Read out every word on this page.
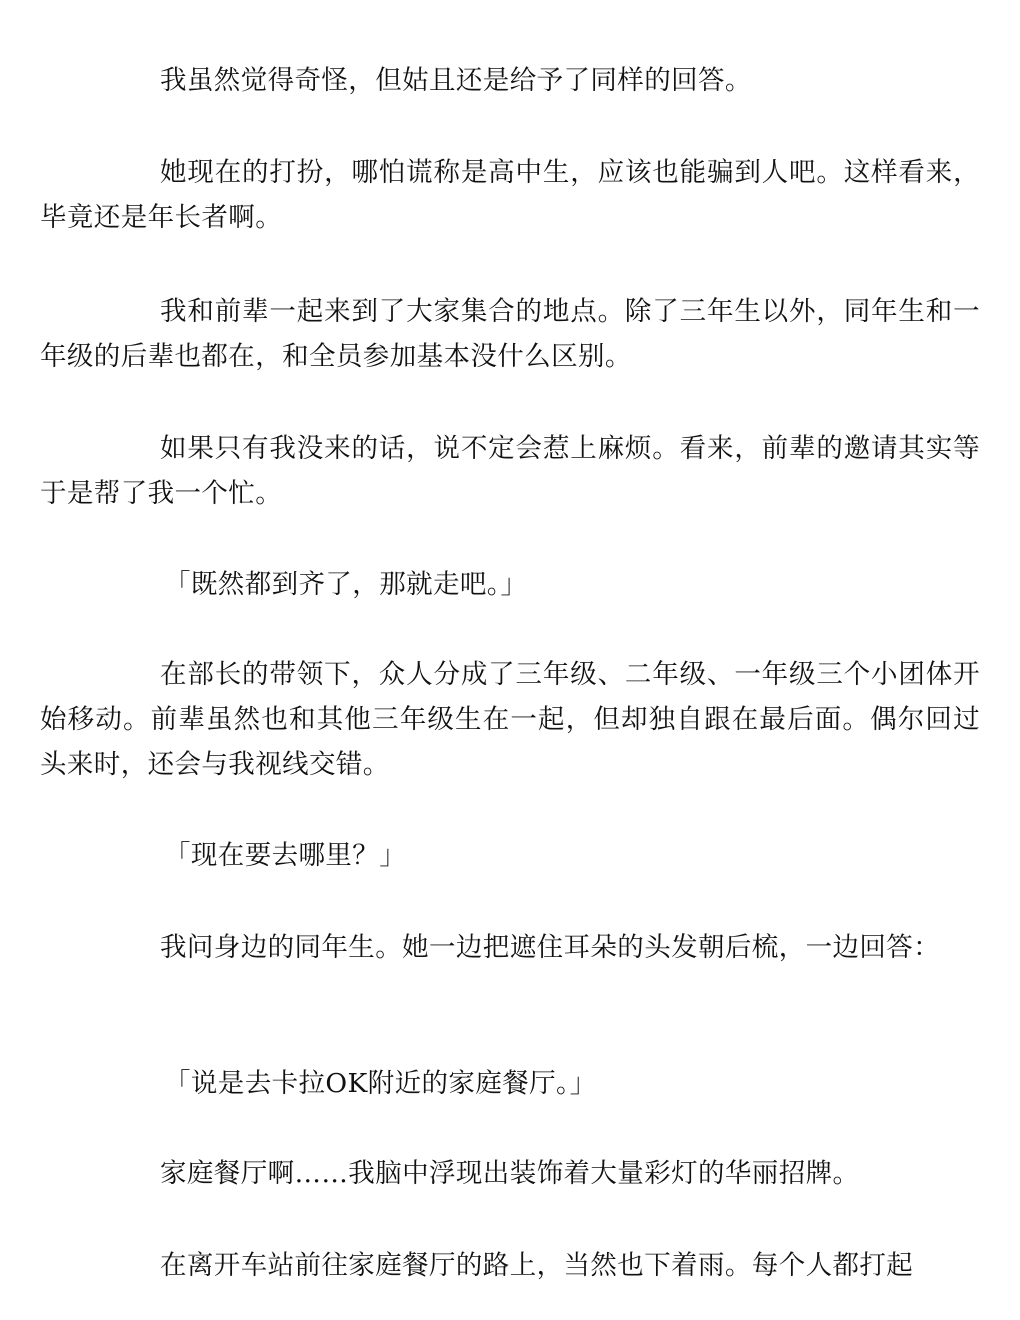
我虽然觉得奇怪，但姑且还是给予了同样的回答。

她现在的打扮，哪怕谎称是高中生，应该也能骗到人吧。这样看来，毕竟还是年长者啊。

我和前辈一起来到了大家集合的地点。除了三年生以外，同年生和一年级的后辈也都在，和全员参加基本没什么区别。

如果只有我没来的话，说不定会惹上麻烦。看来，前辈的邀请其实等于是帮了我一个忙。

「既然都到齐了，那就走吧。」

在部长的带领下，众人分成了三年级、二年级、一年级三个小团体开始移动。前辈虽然也和其他三年级生在一起，但却独自跟在最后面。偶尔回过头来时，还会与我视线交错。

「现在要去哪里？」

我问身边的同年生。她一边把遮住耳朵的头发朝后梳，一边回答：

「说是去卡拉OK附近的家庭餐厅。」

家庭餐厅啊……我脑中浮现出装饰着大量彩灯的华丽招牌。

在离开车站前往家庭餐厅的路上，当然也下着雨。每个人都打起
